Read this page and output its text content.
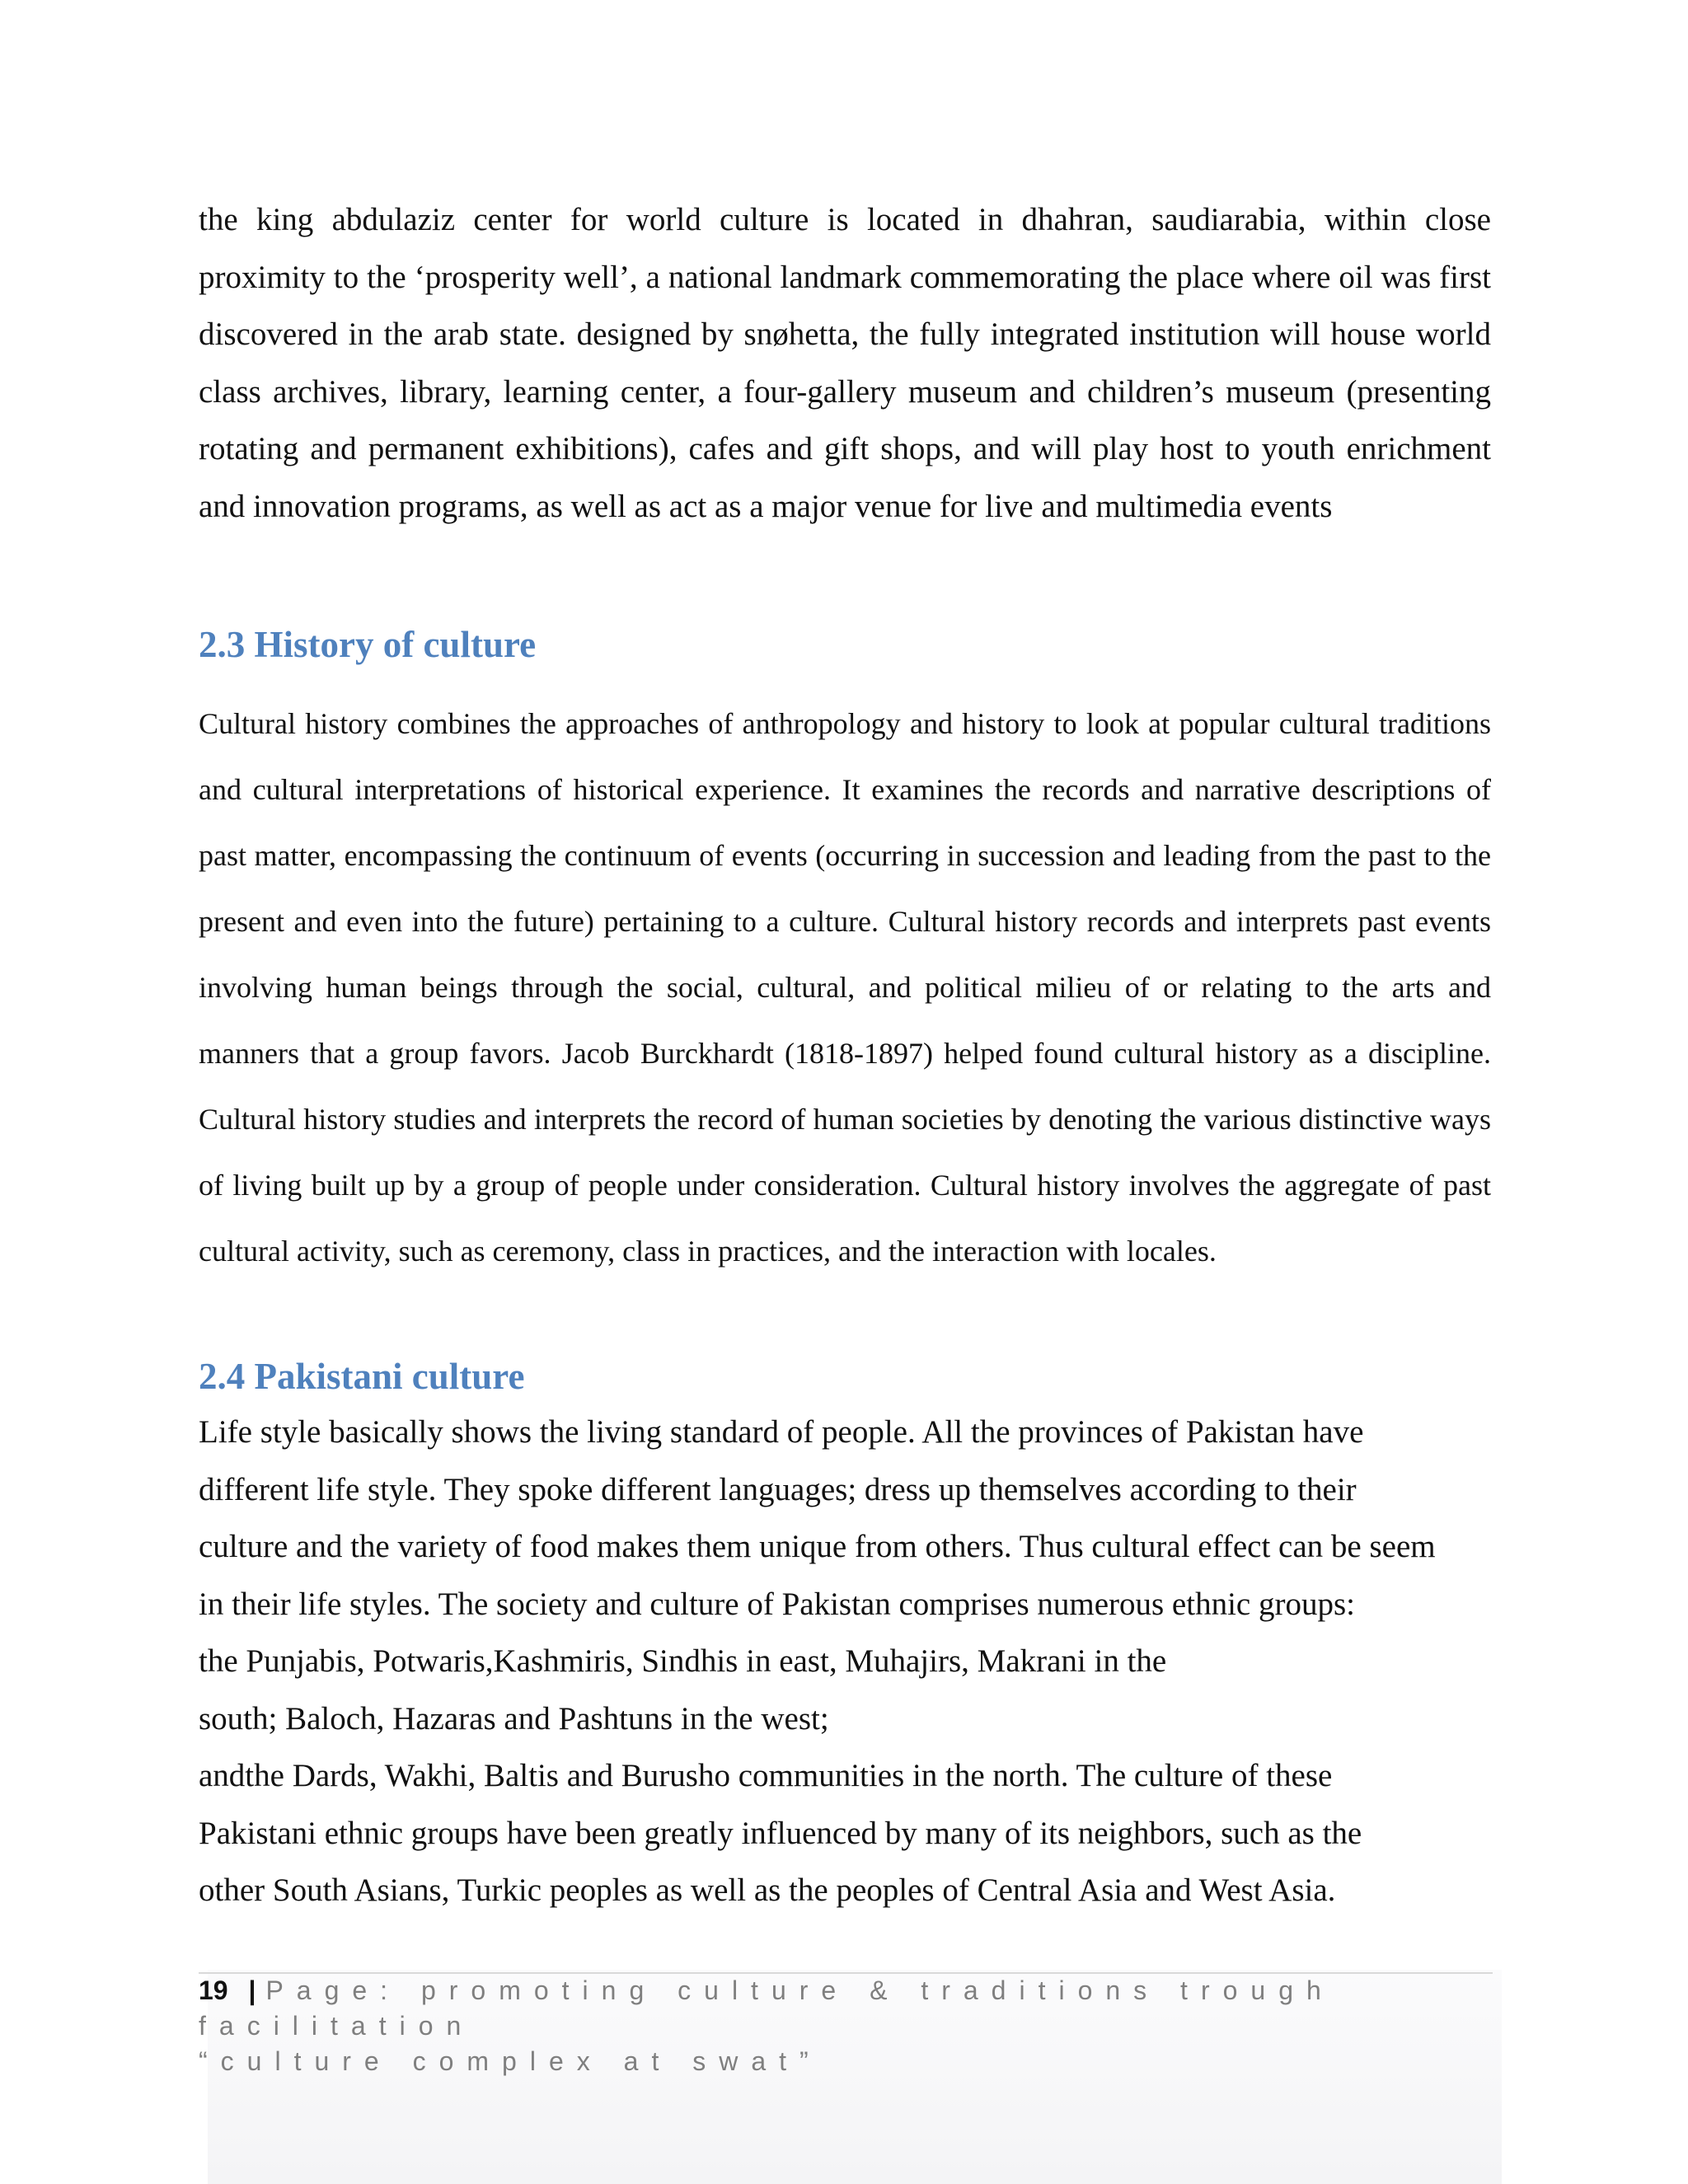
the king abdulaziz center for world culture is located in dhahran, saudiarabia, within close proximity to the ‘prosperity well’, a national landmark commemorating the place where oil was first discovered in the arab state. designed by snøhetta, the fully integrated institution will house world class archives, library, learning center, a four-gallery museum and children’s museum (presenting rotating and permanent exhibitions), cafes and gift shops, and will play host to youth enrichment and innovation programs, as well as act as a major venue for live and multimedia events

2.3 History of culture

Cultural history combines the approaches of anthropology and history to look at popular cultural traditions and cultural interpretations of historical experience. It examines the records and narrative descriptions of past matter, encompassing the continuum of events (occurring in succession and leading from the past to the present and even into the future) pertaining to a culture. Cultural history records and interprets past events involving human beings through the social, cultural, and political milieu of or relating to the arts and manners that a group favors. Jacob Burckhardt (1818-1897) helped found cultural history as a discipline. Cultural history studies and interprets the record of human societies by denoting the various distinctive ways of living built up by a group of people under consideration. Cultural history involves the aggregate of past cultural activity, such as ceremony, class in practices, and the interaction with locales.

2.4 Pakistani culture

Life style basically shows the living standard of people. All the provinces of Pakistan have
different life style. They spoke different languages; dress up themselves according to their
culture and the variety of food makes them unique from others. Thus cultural effect can be seem
in their life styles. The society and culture of Pakistan comprises numerous ethnic groups:
the Punjabis, Potwaris,Kashmiris, Sindhis in east, Muhajirs, Makrani in the
south; Baloch, Hazaras and Pashtuns in the west;
andthe Dards, Wakhi, Baltis and Burusho communities in the north. The culture of these
Pakistani ethnic groups have been greatly influenced by many of its neighbors, such as the
other South Asians, Turkic peoples as well as the peoples of Central Asia and West Asia.

19 | Page: promoting culture & traditions trough facilitation
“culture complex at swat”
